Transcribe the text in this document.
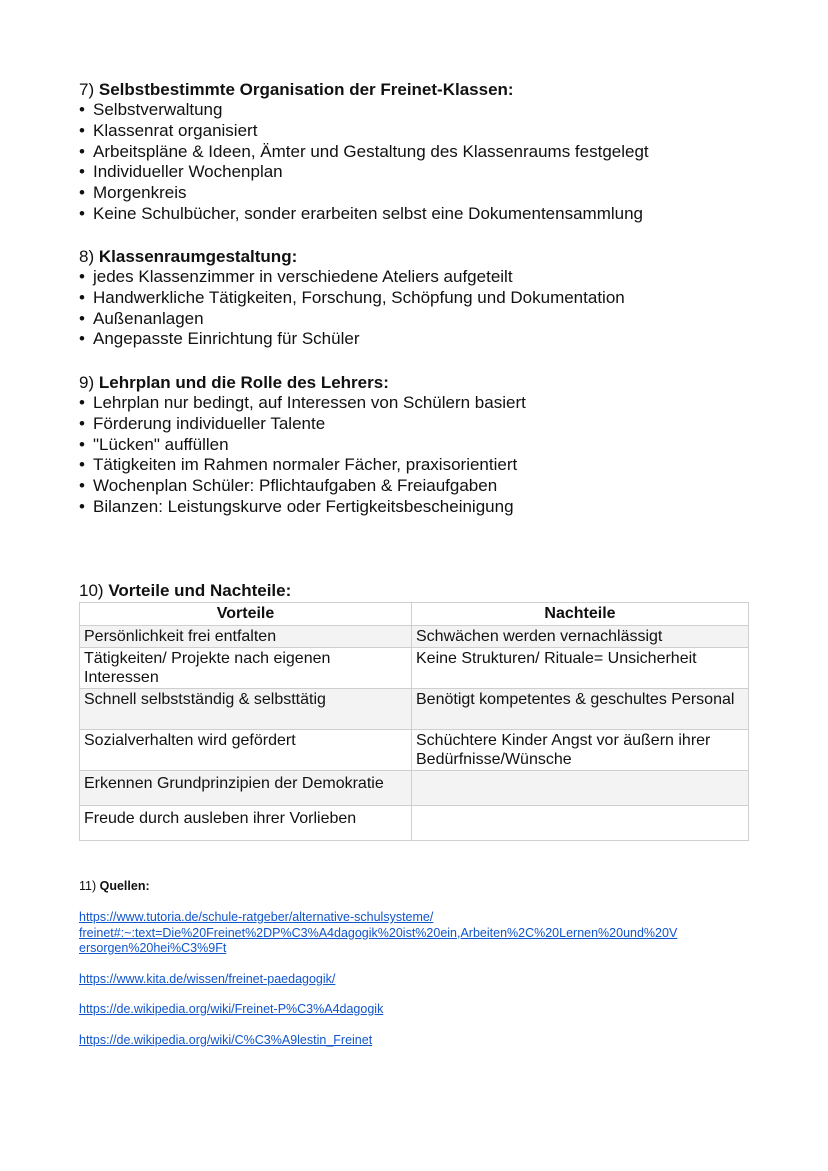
7) Selbstbestimmte Organisation der Freinet-Klassen:

• Selbstverwaltung
• Klassenrat organisiert
• Arbeitspläne & Ideen, Ämter und Gestaltung des Klassenraums festgelegt
• Individueller Wochenplan
• Morgenkreis
• Keine Schulbücher, sonder erarbeiten selbst eine Dokumentensammlung

8) Klassenraumgestaltung:

• jedes Klassenzimmer in verschiedene Ateliers aufgeteilt
• Handwerkliche Tätigkeiten, Forschung, Schöpfung und Dokumentation
• Außenanlagen
• Angepasste Einrichtung für Schüler

9) Lehrplan und die Rolle des Lehrers:

• Lehrplan nur bedingt, auf Interessen von Schülern basiert
• Förderung individueller Talente
• "Lücken" auffüllen
• Tätigkeiten im Rahmen normaler Fächer, praxisorientiert
• Wochenplan Schüler: Pflichtaufgaben & Freiaufgaben
• Bilanzen: Leistungskurve oder Fertigkeitsbescheinigung

10) Vorteile und Nachteile:

Vorteile	Nachteile
Persönlichkeit frei entfalten	Schwächen werden vernachlässigt
Tätigkeiten/ Projekte nach eigenen Interessen	Keine Strukturen/ Rituale= Unsicherheit
Schnell selbstständig & selbsttätig	Benötigt kompetentes & geschultes Personal
Sozialverhalten wird gefördert	Schüchtere Kinder Angst vor äußern ihrer Bedürfnisse/Wünsche
Erkennen Grundprinzipien der Demokratie	
Freude durch ausleben ihrer Vorlieben	

11) Quellen:

https://www.tutoria.de/schule-ratgeber/alternative-schulsysteme/
freinet#:~:text=Die%20Freinet%2DP%C3%A4dagogik%20ist%20ein,Arbeiten%2C%20Lernen%20und%20V
ersorgen%20hei%C3%9Ft
https://www.kita.de/wissen/freinet-paedagogik/
https://de.wikipedia.org/wiki/Freinet-P%C3%A4dagogik
https://de.wikipedia.org/wiki/C%C3%A9lestin_Freinet
